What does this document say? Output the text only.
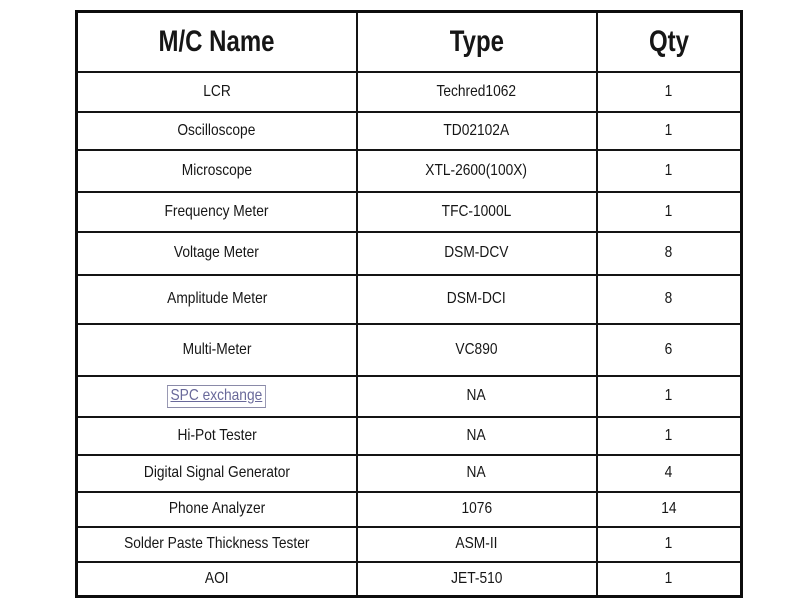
M/C Name	Type	Qty
LCR	Techred1062	1
Oscilloscope	TD02102A	1
Microscope	XTL-2600(100X)	1
Frequency Meter	TFC-1000L	1
Voltage Meter	DSM-DCV	8
Amplitude Meter	DSM-DCI	8
Multi-Meter	VC890	6
SPC exchange	NA	1
Hi-Pot Tester	NA	1
Digital Signal Generator	NA	4
Phone Analyzer	1076	14
Solder Paste Thickness Tester	ASM-II	1
AOI	JET-510	1
